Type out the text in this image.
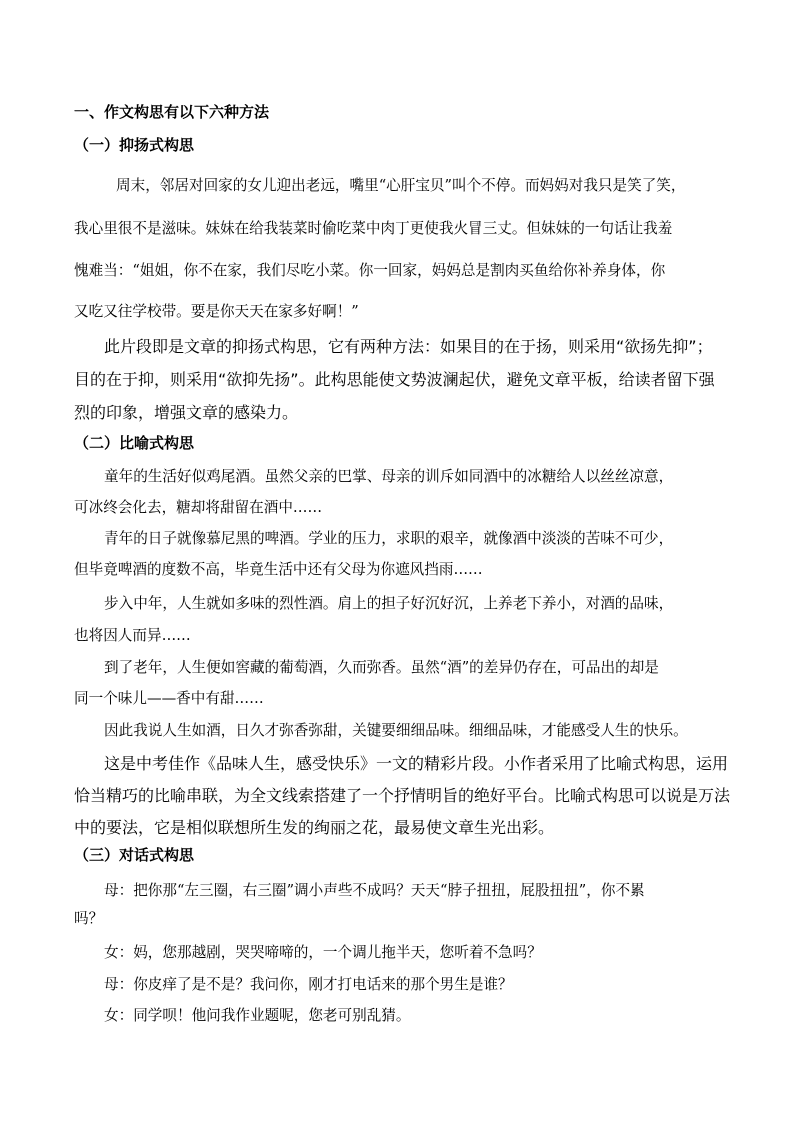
一、作文构思有以下六种方法
（一）抑扬式构思
周末，邻居对回家的女儿迎出老远，嘴里“心肝宝贝”叫个不停。而妈妈对我只是笑了笑，
我心里很不是滋味。妹妹在给我装菜时偷吃菜中肉丁更使我火冒三丈。但妹妹的一句话让我羞
愧难当：“姐姐，你不在家，我们尽吃小菜。你一回家，妈妈总是割肉买鱼给你补养身体，你
又吃又往学校带。要是你天天在家多好啊！”
此片段即是文章的抑扬式构思，它有两种方法：如果目的在于扬，则采用“欲扬先抑”；
目的在于抑，则采用“欲抑先扬”。此构思能使文势波澜起伏，避免文章平板，给读者留下强
烈的印象，增强文章的感染力。
（二）比喻式构思
童年的生活好似鸡尾酒。虽然父亲的巴掌、母亲的训斥如同酒中的冰糖给人以丝丝凉意，
可冰终会化去，糖却将甜留在酒中……
青年的日子就像慕尼黑的啤酒。学业的压力，求职的艰辛，就像酒中淡淡的苦味不可少，
但毕竟啤酒的度数不高，毕竟生活中还有父母为你遮风挡雨……
步入中年，人生就如多味的烈性酒。肩上的担子好沉好沉，上养老下养小，对酒的品味，
也将因人而异……
到了老年，人生便如窖藏的葡萄酒，久而弥香。虽然“酒”的差异仍存在，可品出的却是
同一个味儿——香中有甜……
因此我说人生如酒，日久才弥香弥甜，关键要细细品味。细细品味，才能感受人生的快乐。
这是中考佳作《品味人生，感受快乐》一文的精彩片段。小作者采用了比喻式构思，运用
恰当精巧的比喻串联，为全文线索搭建了一个抒情明旨的绝好平台。比喻式构思可以说是万法
中的要法，它是相似联想所生发的绚丽之花，最易使文章生光出彩。
（三）对话式构思
母：把你那“左三圈，右三圈”调小声些不成吗？天天“脖子扭扭，屁股扭扭”，你不累
吗？
女：妈，您那越剧，哭哭啼啼的，一个调儿拖半天，您听着不急吗？
母：你皮痒了是不是？我问你，刚才打电话来的那个男生是谁？
女：同学呗！他问我作业题呢，您老可别乱猜。
